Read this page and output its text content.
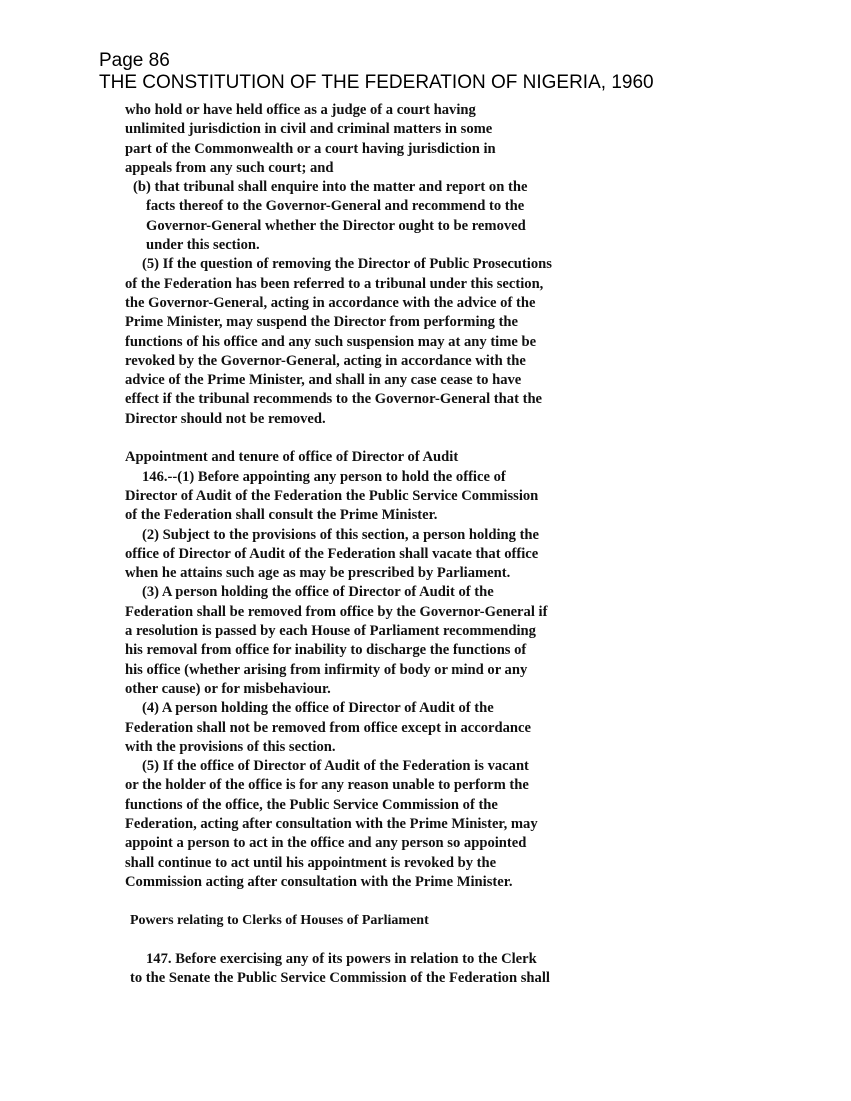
Page 86
THE CONSTITUTION OF THE FEDERATION OF NIGERIA, 1960
who hold or have held office as a judge of a court having
unlimited jurisdiction in civil and criminal matters in some
part of the Commonwealth or a court having jurisdiction in
appeals from any such court; and
(b) that tribunal shall enquire into the matter and report on the
facts thereof to the Governor-General and recommend to the
Governor-General whether the Director ought to be removed
under this section.
(5) If the question of removing the Director of Public Prosecutions
of the Federation has been referred to a tribunal under this section,
the Governor-General, acting in accordance with the advice of the
Prime Minister, may suspend the Director from performing the
functions of his office and any such suspension may at any time be
revoked by the Governor-General, acting in accordance with the
advice of the Prime Minister, and shall in any case cease to have
effect if the tribunal recommends to the Governor-General that the
Director should not be removed.
Appointment and tenure of office of Director of Audit
146.--(1) Before appointing any person to hold the office of
Director of Audit of the Federation the Public Service Commission
of the Federation shall consult the Prime Minister.
(2) Subject to the provisions of this section, a person holding the
office of Director of Audit of the Federation shall vacate that office
when he attains such age as may be prescribed by Parliament.
(3) A person holding the office of Director of Audit of the
Federation shall be removed from office by the Governor-General if
a resolution is passed by each House of Parliament recommending
his removal from office for inability to discharge the functions of
his office (whether arising from infirmity of body or mind or any
other cause) or for misbehaviour.
(4) A person holding the office of Director of Audit of the
Federation shall not be removed from office except in accordance
with the provisions of this section.
(5) If the office of Director of Audit of the Federation is vacant
or the holder of the office is for any reason unable to perform the
functions of the office, the Public Service Commission of the
Federation, acting after consultation with the Prime Minister, may
appoint a person to act in the office and any person so appointed
shall continue to act until his appointment is revoked by the
Commission acting after consultation with the Prime Minister.
Powers relating to Clerks of Houses of Parliament
147. Before exercising any of its powers in relation to the Clerk
to the Senate the Public Service Commission of the Federation shall
